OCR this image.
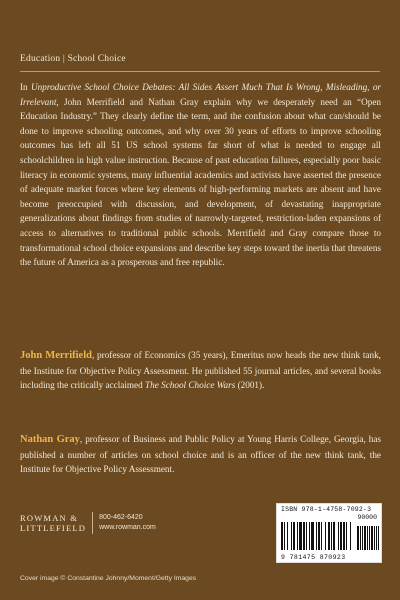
Education | School Choice

In Unproductive School Choice Debates: All Sides Assert Much That Is Wrong, Misleading, or Irrelevant, John Merrifield and Nathan Gray explain why we desperately need an “Open Education Industry.” They clearly define the term, and the confusion about what can/should be done to improve schooling outcomes, and why over 30 years of efforts to improve schooling outcomes has left all 51 US school systems far short of what is needed to engage all schoolchildren in high value instruction. Because of past education failures, especially poor basic literacy in economic systems, many influential academics and activists have asserted the presence of adequate market forces where key elements of high-performing markets are absent and have become preoccupied with discussion, and development, of devastating inappropriate generalizations about findings from studies of narrowly-targeted, restriction-laden expansions of access to alternatives to traditional public schools. Merrifield and Gray compare those to transformational school choice expansions and describe key steps toward the inertia that threatens the future of America as a prosperous and free republic.

John Merrifield, professor of Economics (35 years), Emeritus now heads the new think tank, the Institute for Objective Policy Assessment. He published 55 journal articles, and several books including the critically acclaimed The School Choice Wars (2001).

Nathan Gray, professor of Business and Public Policy at Young Harris College, Georgia, has published a number of articles on school choice and is an officer of the new think tank, the Institute for Objective Policy Assessment.

ROWMAN &
LITTLEFIELD
800-462-6420
www.rowman.com
ISBN 978-1-4758-7092-3
90000
9 781475 870923
Cover image © Constantine Johnny/Moment/Getty Images
